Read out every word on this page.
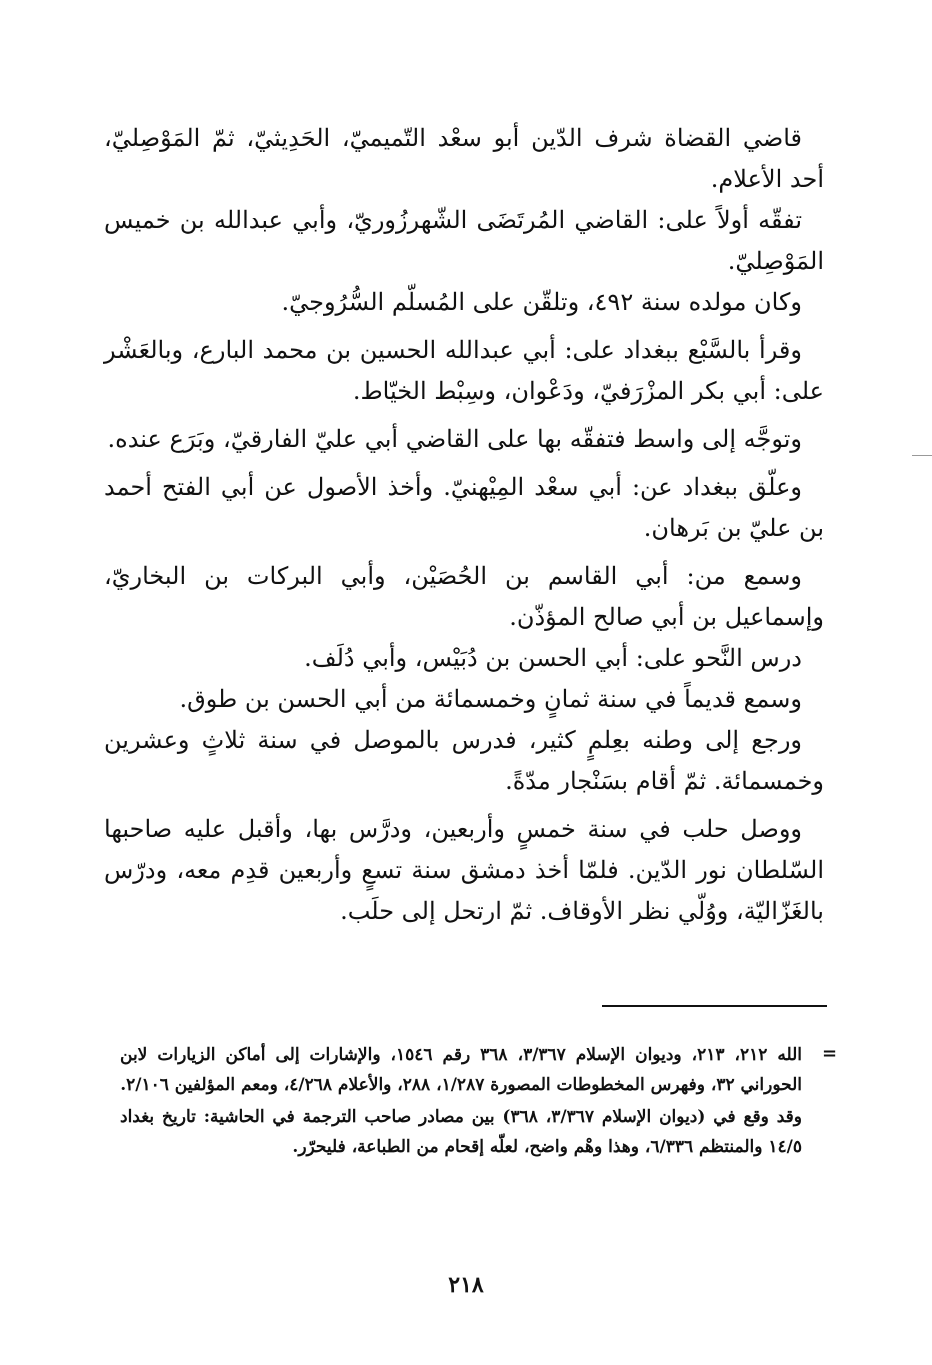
قاضي القضاة شرف الدّين أبو سعْد التّميميّ، الحَدِيثيّ، ثمّ المَوْصِليّ، أحد الأعلام.

تفقّه أولاً على: القاضي المُرتَضَى الشّهرزُوريّ، وأبي عبدالله بن خميس المَوْصِليّ.

وكان مولده سنة ٤٩٢، وتلقّن على المُسلّم السُّرُوجيّ.

وقرأ بالسَّبْع ببغداد على: أبي عبدالله الحسين بن محمد البارع، وبالعَشْر على: أبي بكر المزْرَفيّ، ودَعْوان، وسِبْط الخيّاط.

وتوجَّه إلى واسط فتفقّه بها على القاضي أبي عليّ الفارقيّ، وبَرَع عنده.

وعلّق ببغداد عن: أبي سعْد المِيْهنيّ. وأخذ الأصول عن أبي الفتح أحمد بن عليّ بن بَرهان.

وسمع من: أبي القاسم بن الحُصَيْن، وأبي البركات بن البخاريّ، وإسماعيل بن أبي صالح المؤذّن.

درس النَّحو على: أبي الحسن بن دُبَيْس، وأبي دُلَف.

وسمع قديماً في سنة ثمانٍ وخمسمائة من أبي الحسن بن طوق.

ورجع إلى وطنه بعِلمٍ كثير، فدرس بالموصل في سنة ثلاثٍ وعشرين وخمسمائة. ثمّ أقام بسَنْجار مدّةً.

ووصل حلب في سنة خمسٍ وأربعين، ودرَّس بها، وأقبل عليه صاحبها السّلطان نور الدّين. فلمّا أخذ دمشق سنة تسعٍ وأربعين قدِم معه، ودرّس بالغَزّاليّة، ووُلّي نظر الأوقاف. ثمّ ارتحل إلى حلَب.

=

الله ٢١٢، ٢١٣، وديوان الإسلام ٣/٣٦٧، ٣٦٨ رقم ١٥٤٦، والإشارات إلى أماكن الزيارات لابن الحوراني ٣٢، وفهرس المخطوطات المصورة ١/٢٨٧، ٢٨٨، والأعلام ٤/٢٦٨، ومعم المؤلفين ٢/١٠٦.

وقد وقع في (ديوان الإسلام ٣/٣٦٧، ٣٦٨) بين مصادر صاحب الترجمة في الحاشية: تاريخ بغداد ١٤/٥ والمنتظم ٦/٣٣٦، وهذا وهْم واضح، لعلّه إقحام من الطباعة، فليحرّر.

٢١٨
